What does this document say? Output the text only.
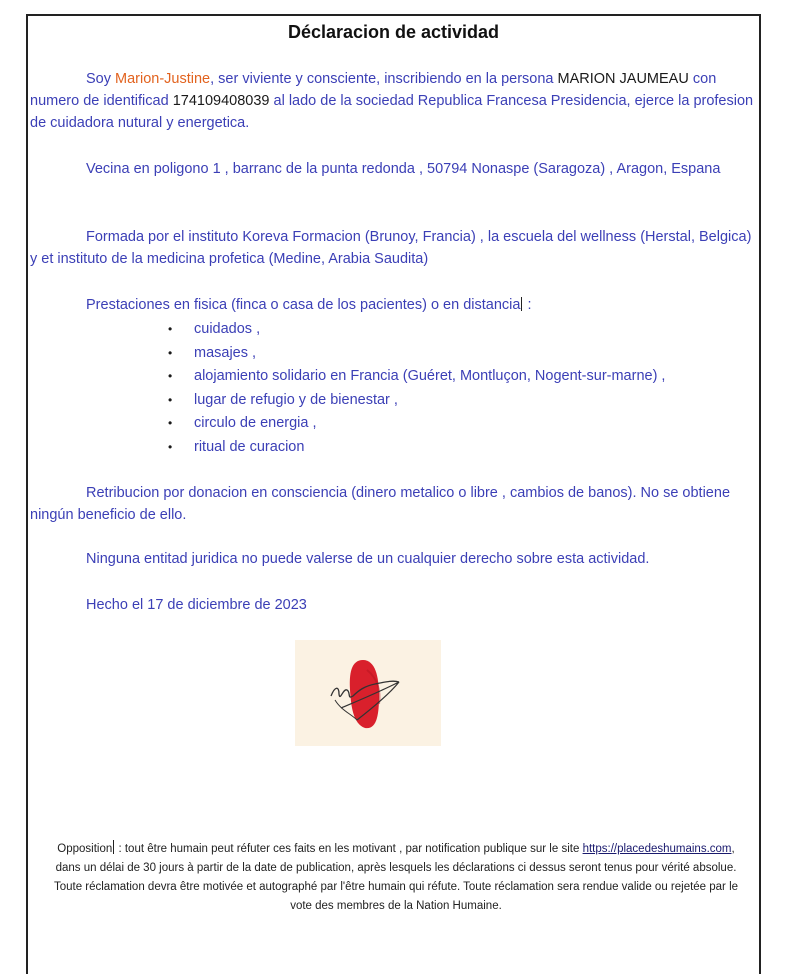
Déclaracion de actividad
Soy Marion-Justine, ser viviente y consciente, inscribiendo en la persona MARION JAUMEAU con numero de identificad 174109408039 al lado de la sociedad Republica Francesa Presidencia, ejerce la profesion de cuidadora nutural y energetica.
Vecina en poligono 1 , barranc de la punta redonda , 50794 Nonaspe (Saragoza) , Aragon, Espana
Formada por el instituto Koreva Formacion (Brunoy, Francia) , la escuela del wellness (Herstal, Belgica) y et instituto de la medicina profetica (Medine, Arabia Saudita)
Prestaciones en fisica (finca o casa de los pacientes) o en distancia :
• cuidados ,
• masajes ,
• alojamiento solidario en Francia (Guéret, Montluçon, Nogent-sur-marne) ,
• lugar de refugio y de bienestar ,
• circulo de energia ,
• ritual de curacion
Retribucion por donacion en consciencia (dinero metalico o libre , cambios de banos). No se obtiene ningún beneficio de ello.
Ninguna entitad juridica no puede valerse de un cualquier derecho sobre esta actividad.
Hecho el 17 de diciembre de 2023
Opposition : tout être humain peut réfuter ces faits en les motivant , par notification publique sur le site https://placedeshumains.com, dans un délai de 30 jours à partir de la date de publication, après lesquels les déclarations ci dessus seront tenus pour vérité absolue. Toute réclamation devra être motivée et autographé par l'être humain qui réfute. Toute réclamation sera rendue valide ou rejetée par le vote des membres de la Nation Humaine.
